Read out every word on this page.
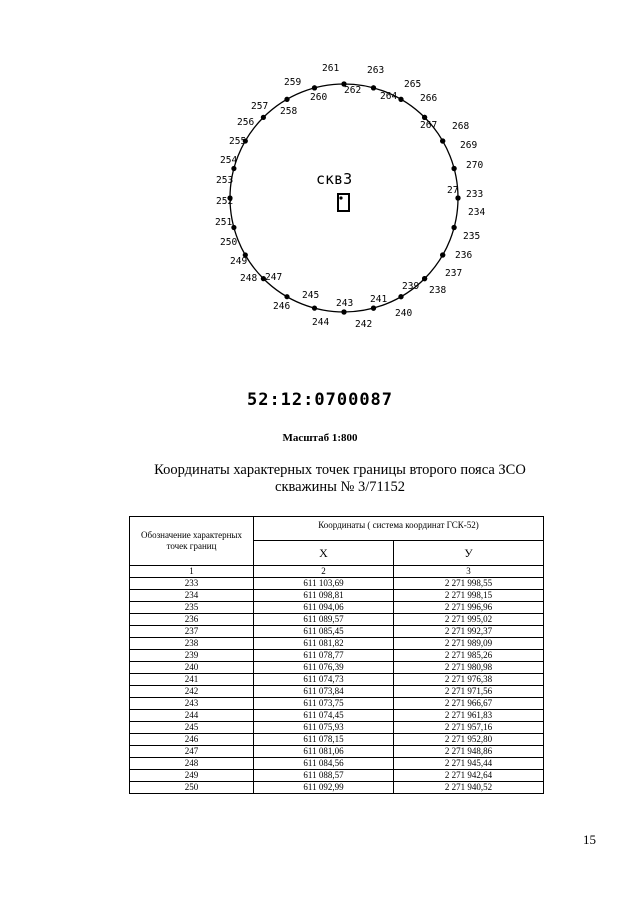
233
234
235
236
237
238
239
240
241
242
243
244
245
246
247
248
249
250
251
252
253
254
255
256
257 258
259
260
261
262
263
264
265
266
267 268
269
270
27
скв3
52:12:0700087
Масштаб 1:800
Координаты характерных точек границы второго пояса ЗСО
скважины № 3/71152
Обозначение характерных точек границ	Координаты ( система координат ГСК-52)	
	X	У
1	2	3
233	611 103,69	2 271 998,55
234	611 098,81	2 271 998,15
235	611 094,06	2 271 996,96
236	611 089,57	2 271 995,02
237	611 085,45	2 271 992,37
238	611 081,82	2 271 989,09
239	611 078,77	2 271 985,26
240	611 076,39	2 271 980,98
241	611 074,73	2 271 976,38
242	611 073,84	2 271 971,56
243	611 073,75	2 271 966,67
244	611 074,45	2 271 961,83
245	611 075,93	2 271 957,16
246	611 078,15	2 271 952,80
247	611 081,06	2 271 948,86
248	611 084,56	2 271 945,44
249	611 088,57	2 271 942,64
250	611 092,99	2 271 940,52
15
